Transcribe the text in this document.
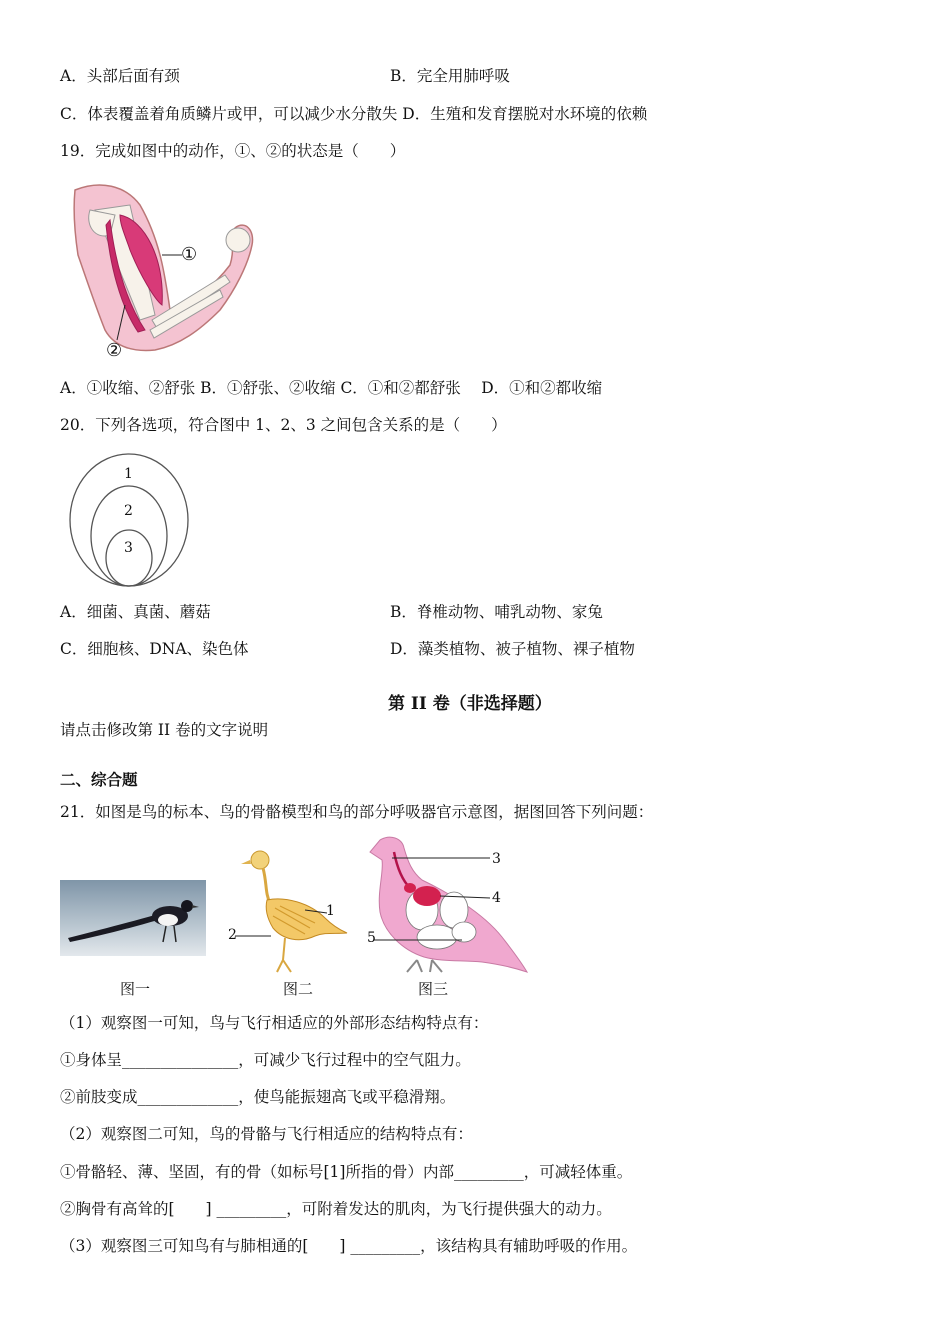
A．头部后面有颈	B．完全用肺呼吸
C．体表覆盖着角质鳞片或甲，可以减少水分散失 D．生殖和发育摆脱对水环境的依赖
19．完成如图中的动作，①、②的状态是（　　）
①
②
A．①收缩、②舒张 B．①舒张、②收缩 C．①和②都舒张　 D．①和②都收缩
20．下列各选项，符合图中 1、2、3 之间包含关系的是（　　）
1
2
3
A．细菌、真菌、蘑菇	B．脊椎动物、哺乳动物、家兔
C．细胞核、DNA、染色体	D．藻类植物、被子植物、裸子植物
第 II 卷（非选择题）
请点击修改第 II 卷的文字说明
二、综合题
21．如图是鸟的标本、鸟的骨骼模型和鸟的部分呼吸器官示意图，据图回答下列问题：
1
2
3
4
5
图一	图二	图三
（1）观察图一可知，鸟与飞行相适应的外部形态结构特点有：
①身体呈_______________，可减少飞行过程中的空气阻力。
②前肢变成_____________，使鸟能振翅高飞或平稳滑翔。
（2）观察图二可知，鸟的骨骼与飞行相适应的结构特点有：
①骨骼轻、薄、坚固，有的骨（如标号[1]所指的骨）内部_________，可减轻体重。
②胸骨有高耸的[　　] _________，可附着发达的肌肉，为飞行提供强大的动力。
（3）观察图三可知鸟有与肺相通的[　　] _________，该结构具有辅助呼吸的作用。
